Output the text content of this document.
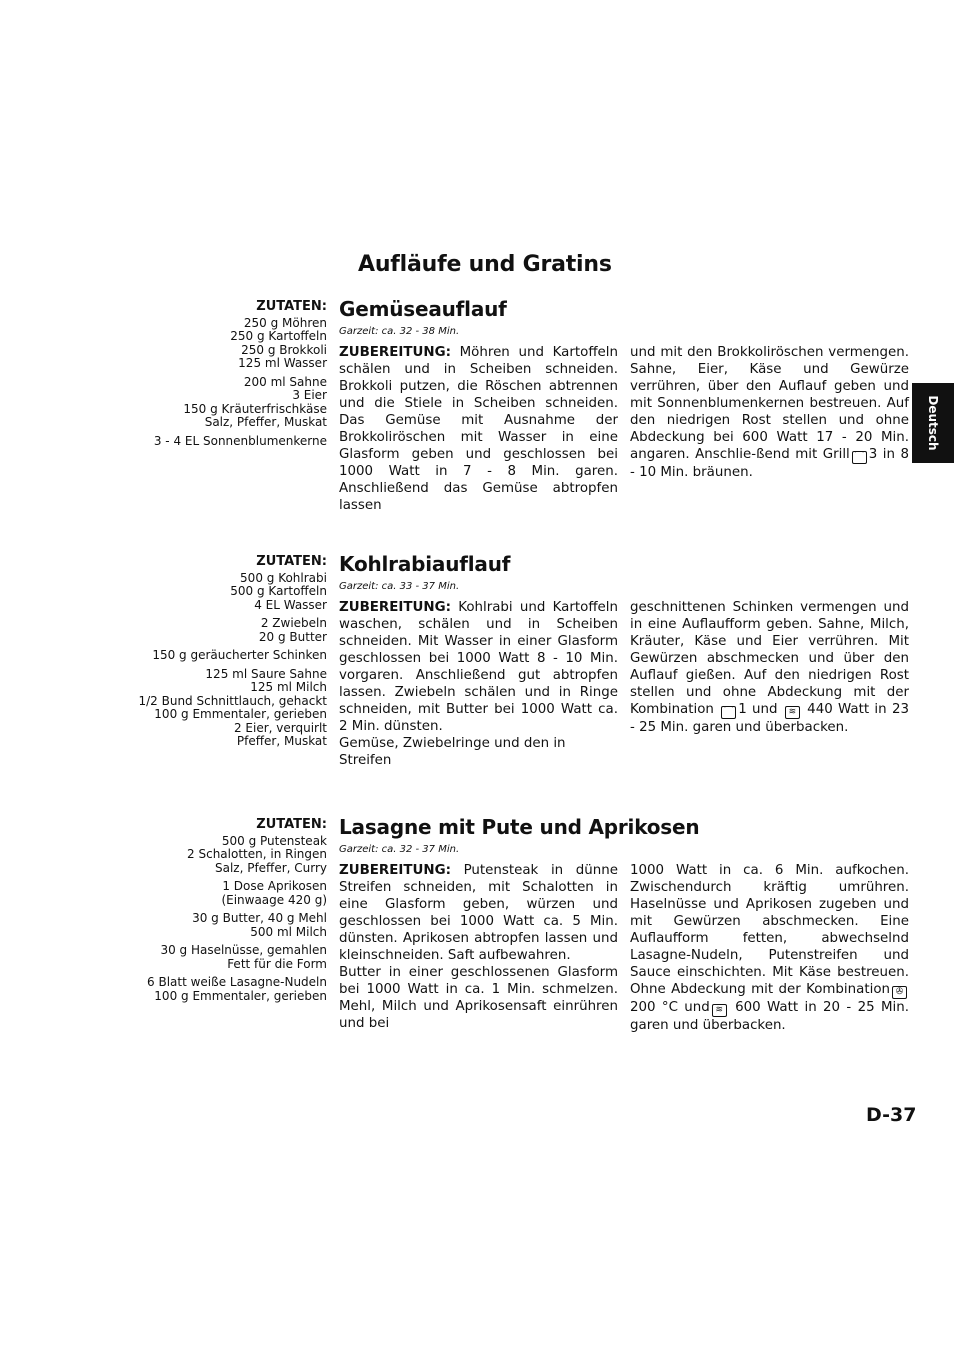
Aufläufe und Gratins
Deutsch
ZUTATEN:
250 g Möhren
250 g Kartoffeln
250 g Brokkoli
125 ml Wasser
200 ml Sahne
3 Eier
150 g Kräuterfrischkäse
Salz, Pfeffer, Muskat
3 - 4 EL Sonnenblumenkerne
Gemüseauflauf
Garzeit: ca. 32 - 38 Min.

ZUBEREITUNG: Möhren und Kartoffeln schälen und in Scheiben schneiden. Brokkoli putzen, die Röschen abtrennen und die Stiele in Scheiben schneiden. Das Gemüse mit Ausnahme der Brokkoliröschen mit Wasser in eine Glasform geben und geschlossen bei 1000 Watt in 7 - 8 Min. garen. Anschließend das Gemüse abtropfen lassen

und mit den Brokkoliröschen vermengen. Sahne, Eier, Käse und Gewürze verrühren, über den Auflauf geben und mit Sonnenblumenkernen bestreuen. Auf den niedrigen Rost stellen und ohne Abdeckung bei 600 Watt 17 - 20 Min. angaren. Anschlie-ßend mit Grill ⌒ 3 in 8 - 10 Min. bräunen.

ZUTATEN:
500 g Kohlrabi
500 g Kartoffeln
4 EL Wasser
2 Zwiebeln
20 g Butter
150 g geräucherter Schinken
125 ml Saure Sahne
125 ml Milch
1/2 Bund Schnittlauch, gehackt
100 g Emmentaler, gerieben
2 Eier, verquirlt
Pfeffer, Muskat
Kohlrabiauflauf
Garzeit: ca. 33 - 37 Min.

ZUBEREITUNG: Kohlrabi und Kartoffeln waschen, schälen und in Scheiben schneiden. Mit Wasser in einer Glasform geschlossen bei 1000 Watt 8 - 10 Min. vorgaren. Anschließend gut abtropfen lassen. Zwiebeln schälen und in Ringe schneiden, mit Butter bei 1000 Watt ca. 2 Min. dünsten.

Gemüse, Zwiebelringe und den in Streifen

geschnittenen Schinken vermengen und in eine Auflaufform geben. Sahne, Milch, Kräuter, Käse und Eier verrühren. Mit Gewürzen abschmecken und über den Auflauf gießen. Auf den niedrigen Rost stellen und ohne Abdeckung mit der Kombination ⌒ 1 und ≋ 440 Watt in 23 - 25 Min. garen und überbacken.

ZUTATEN:
500 g Putensteak
2 Schalotten, in Ringen
Salz, Pfeffer, Curry
1 Dose Aprikosen
(Einwaage 420 g)
30 g Butter, 40 g Mehl
500 ml Milch
30 g Haselnüsse, gemahlen
Fett für die Form
6 Blatt weiße Lasagne-Nudeln
100 g Emmentaler, gerieben
Lasagne mit Pute und Aprikosen
Garzeit: ca. 32 - 37 Min.

ZUBEREITUNG: Putensteak in dünne Streifen schneiden, mit Schalotten in eine Glasform geben, würzen und geschlossen bei 1000 Watt ca. 5 Min. dünsten. Aprikosen abtropfen lassen und kleinschneiden. Saft aufbewahren.

Butter in einer geschlossenen Glasform bei 1000 Watt in ca. 1 Min. schmelzen. Mehl, Milch und Aprikosensaft einrühren und bei

1000 Watt in ca. 6 Min. aufkochen. Zwischendurch kräftig umrühren. Haselnüsse und Aprikosen zugeben und mit Gewürzen abschmecken. Eine Auflaufform fetten, abwechselnd Lasagne-Nudeln, Putenstreifen und Sauce einschichten. Mit Käse bestreuen. Ohne Abdeckung mit der Kombination ✇ 200 °C und ≋ 600 Watt in 20 - 25 Min. garen und überbacken.

D-37
